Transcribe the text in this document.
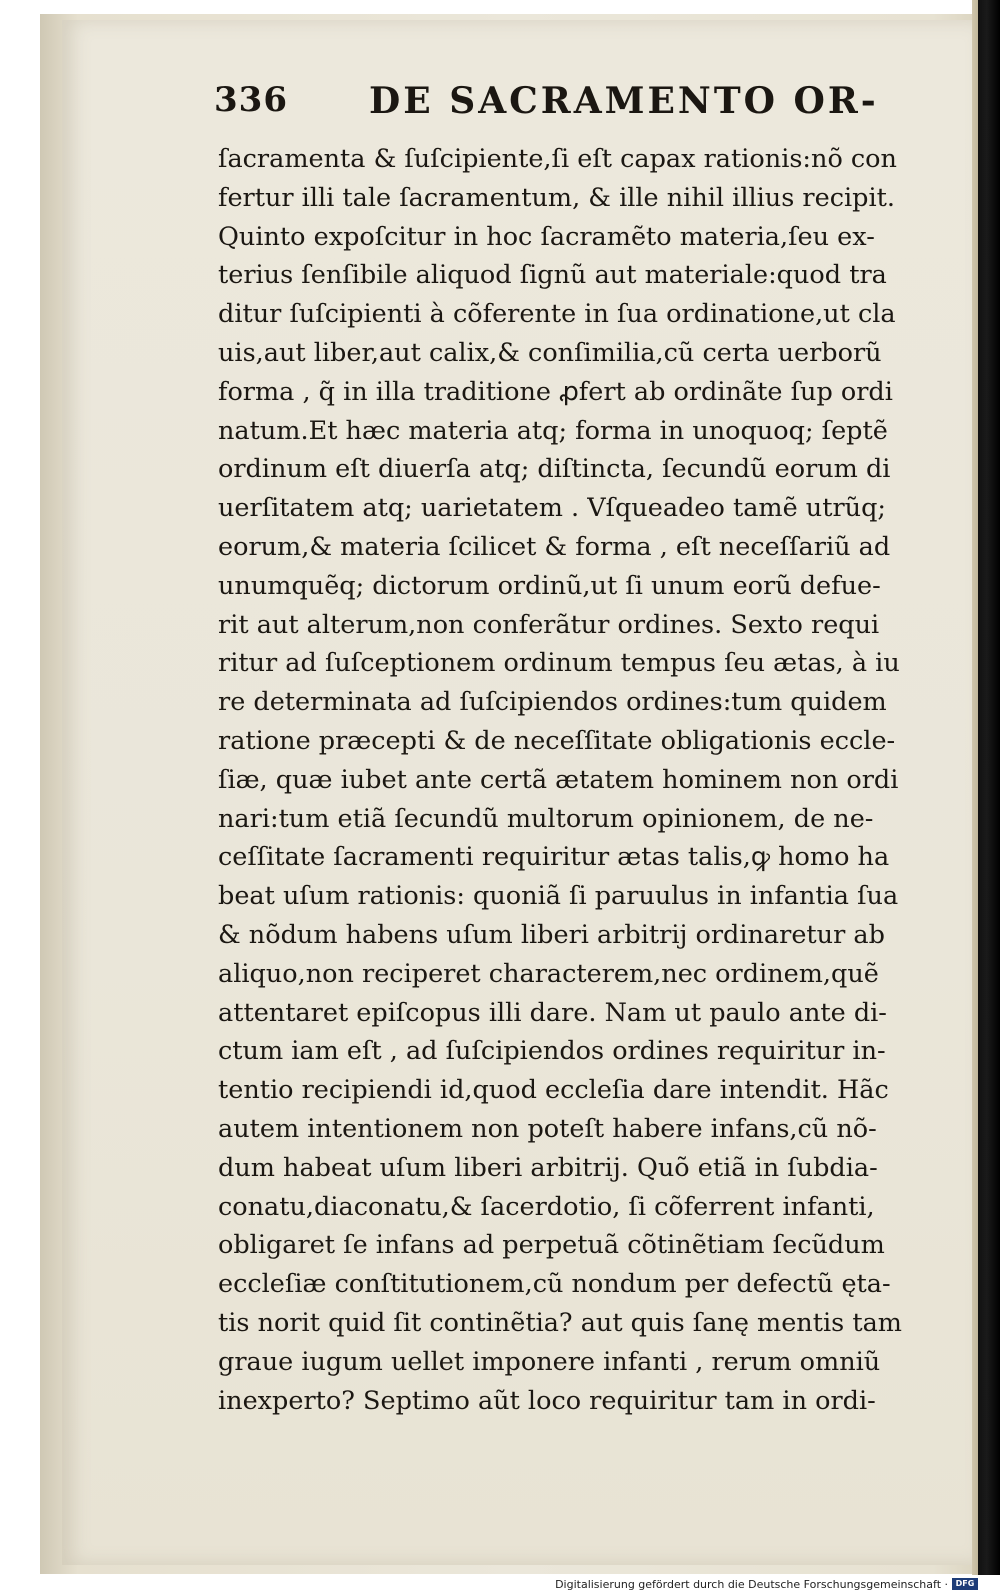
336 DE SACRAMENTO OR-
ſacramenta & ſuſcipiente,ſi eſt capax rationis:nõ con
fertur illi tale ſacramentum, & ille nihil illius recipit.
Quinto expoſcitur in hoc ſacramẽto materia,ſeu ex-
terius ſenſibile aliquod ſignũ aut materiale:quod tra
ditur ſuſcipienti à cõferente in ſua ordinatione,ut cla
uis,aut liber,aut calix,& conſimilia,cũ certa uerborũ
forma , q̃ in illa traditione ꝓfert ab ordinãte ſup ordi
natum.Et hæc materia atq; forma in unoquoq; ſeptẽ
ordinum eſt diuerſa atq; diſtincta, ſecundũ eorum di
uerſitatem atq; uarietatem . Vſqueadeo tamẽ utrũq;
eorum,& materia ſcilicet & forma , eſt neceſſariũ ad
unumquẽq; dictorum ordinũ,ut ſi unum eorũ defue-
rit aut alterum,non conferãtur ordines. Sexto requi
ritur ad ſuſceptionem ordinum tempus ſeu ætas, à iu
re determinata ad ſuſcipiendos ordines:tum quidem
ratione præcepti & de neceſſitate obligationis eccle-
ſiæ, quæ iubet ante certã ætatem hominem non ordi
nari:tum etiã ſecundũ multorum opinionem, de ne-
ceſſitate ſacramenti requiritur ætas talis,ꝙ homo ha
beat uſum rationis: quoniã ſi paruulus in infantia ſua
& nõdum habens uſum liberi arbitrij ordinaretur ab
aliquo,non reciperet characterem,nec ordinem,quẽ
attentaret epiſcopus illi dare. Nam ut paulo ante di-
ctum iam eſt , ad ſuſcipiendos ordines requiritur in-
tentio recipiendi id,quod eccleſia dare intendit. Hãc
autem intentionem non poteſt habere infans,cũ nõ-
dum habeat uſum liberi arbitrij. Quõ etiã in ſubdia-
conatu,diaconatu,& ſacerdotio, ſi cõferrent infanti,
obligaret ſe infans ad perpetuã cõtinẽtiam ſecũdum
eccleſiæ conſtitutionem,cũ nondum per defectũ ęta-
tis norit quid ſit continẽtia? aut quis ſanę mentis tam
graue iugum uellet imponere infanti , rerum omniũ
inexperto? Septimo aũt loco requiritur tam in ordi-
Digitalisierung gefördert durch die Deutsche Forschungsgemeinschaft · DFG
